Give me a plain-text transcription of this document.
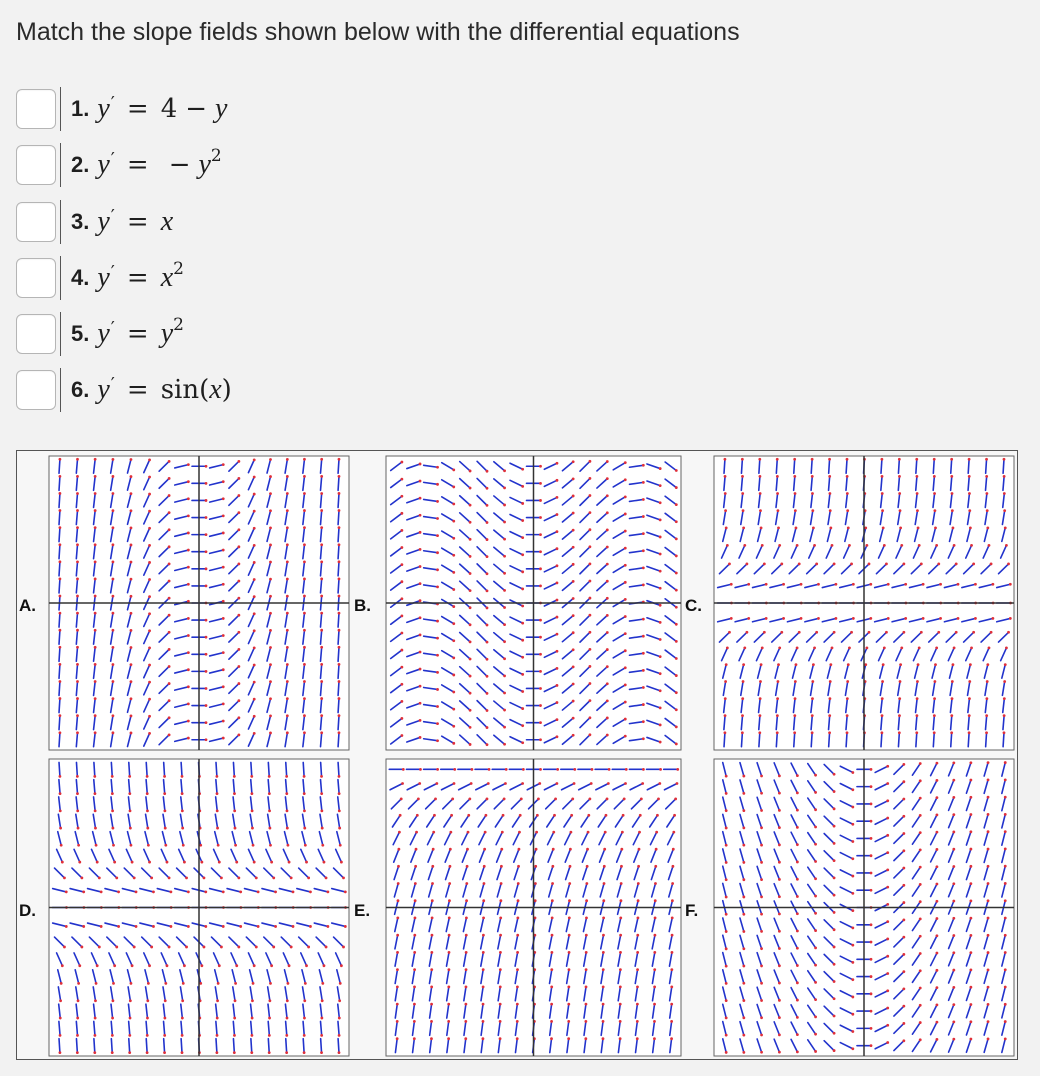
Match the slope fields shown below with the differential equations
1. y′ = 4 − y
2. y′ = − $y^2$
3. y′ = x
4. $y' = x^2$
5. $y' = y^2$
6. y′ = sin(x)
A.	B.	C.
D.	E.	F.
